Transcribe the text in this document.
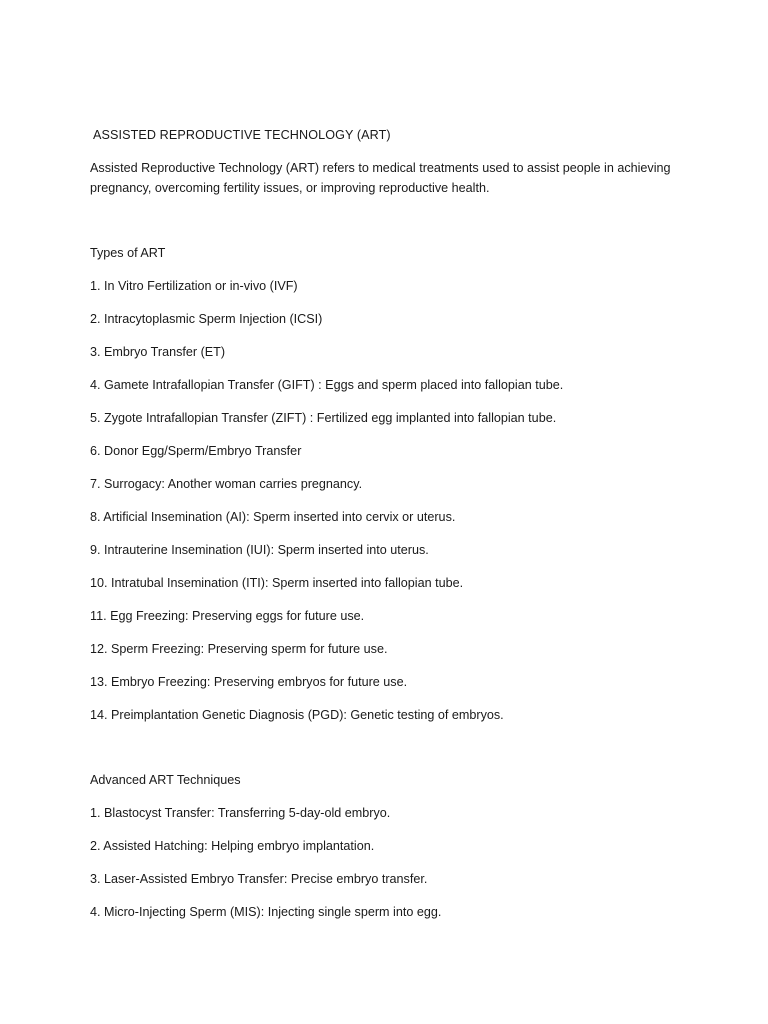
ASSISTED REPRODUCTIVE TECHNOLOGY (ART)

Assisted Reproductive Technology (ART) refers to medical treatments used to assist people in achieving pregnancy, overcoming fertility issues, or improving reproductive health.

Types of ART
1. In Vitro Fertilization or in-vivo (IVF)
2. Intracytoplasmic Sperm Injection (ICSI)
3. Embryo Transfer (ET)
4. Gamete Intrafallopian Transfer (GIFT) : Eggs and sperm placed into fallopian tube.
5. Zygote Intrafallopian Transfer (ZIFT) : Fertilized egg implanted into fallopian tube.
6. Donor Egg/Sperm/Embryo Transfer
7. Surrogacy: Another woman carries pregnancy.
8. Artificial Insemination (AI): Sperm inserted into cervix or uterus.
9. Intrauterine Insemination (IUI): Sperm inserted into uterus.
10. Intratubal Insemination (ITI): Sperm inserted into fallopian tube.
11. Egg Freezing: Preserving eggs for future use.
12. Sperm Freezing: Preserving sperm for future use.
13. Embryo Freezing: Preserving embryos for future use.
14. Preimplantation Genetic Diagnosis (PGD): Genetic testing of embryos.
Advanced ART Techniques
1. Blastocyst Transfer: Transferring 5-day-old embryo.
2. Assisted Hatching: Helping embryo implantation.
3. Laser-Assisted Embryo Transfer: Precise embryo transfer.
4. Micro-Injecting Sperm (MIS): Injecting single sperm into egg.
